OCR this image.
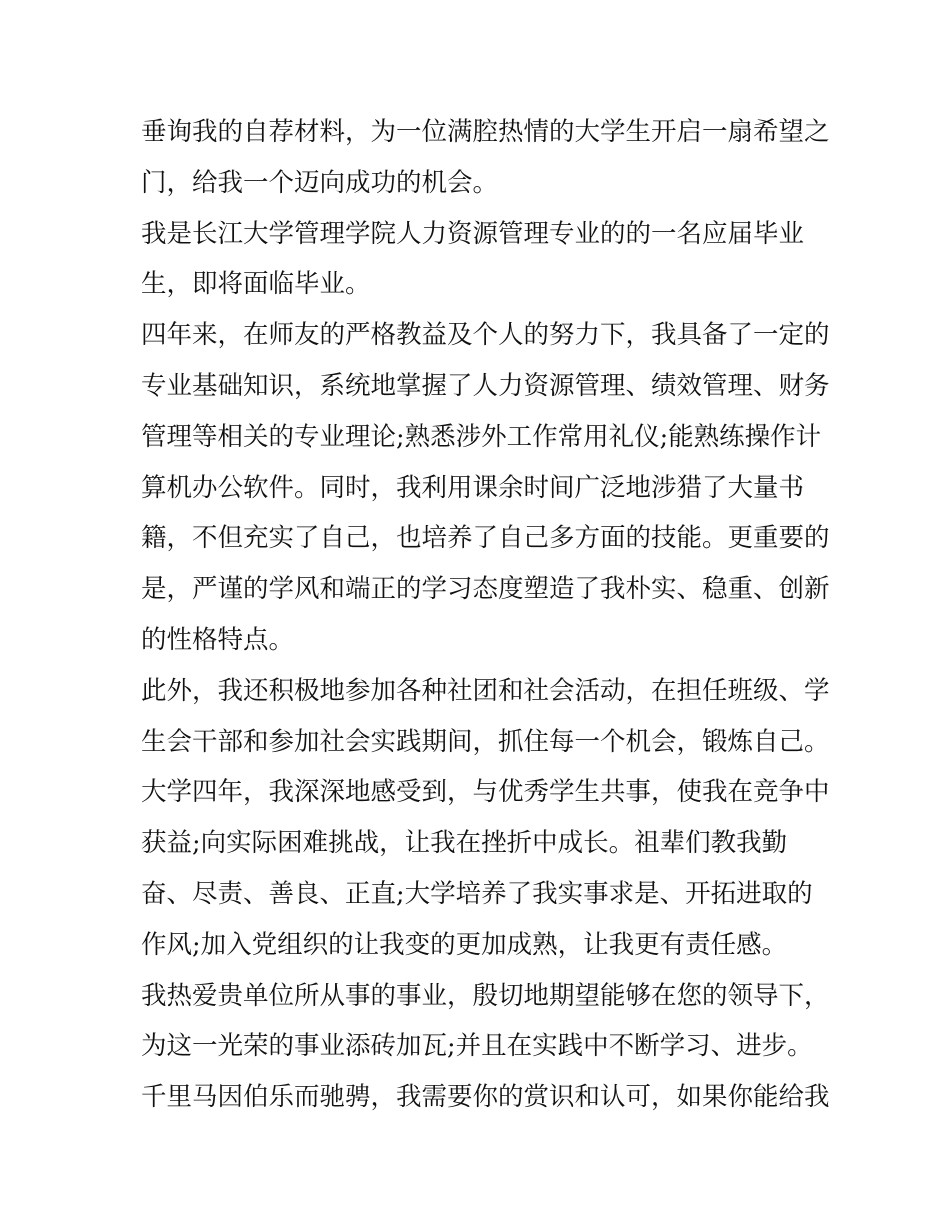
垂询我的自荐材料，为一位满腔热情的大学生开启一扇希望之
门，给我一个迈向成功的机会。
我是长江大学管理学院人力资源管理专业的的一名应届毕业
生，即将面临毕业。
四年来，在师友的严格教益及个人的努力下，我具备了一定的
专业基础知识，系统地掌握了人力资源管理、绩效管理、财务
管理等相关的专业理论;熟悉涉外工作常用礼仪;能熟练操作计
算机办公软件。同时，我利用课余时间广泛地涉猎了大量书
籍，不但充实了自己，也培养了自己多方面的技能。更重要的
是，严谨的学风和端正的学习态度塑造了我朴实、稳重、创新
的性格特点。
此外，我还积极地参加各种社团和社会活动，在担任班级、学
生会干部和参加社会实践期间，抓住每一个机会，锻炼自己。
大学四年，我深深地感受到，与优秀学生共事，使我在竞争中
获益;向实际困难挑战，让我在挫折中成长。祖辈们教我勤
奋、尽责、善良、正直;大学培养了我实事求是、开拓进取的
作风;加入党组织的让我变的更加成熟，让我更有责任感。
我热爱贵单位所从事的事业，殷切地期望能够在您的领导下，
为这一光荣的事业添砖加瓦;并且在实践中不断学习、进步。
千里马因伯乐而驰骋，我需要你的赏识和认可，如果你能给我
